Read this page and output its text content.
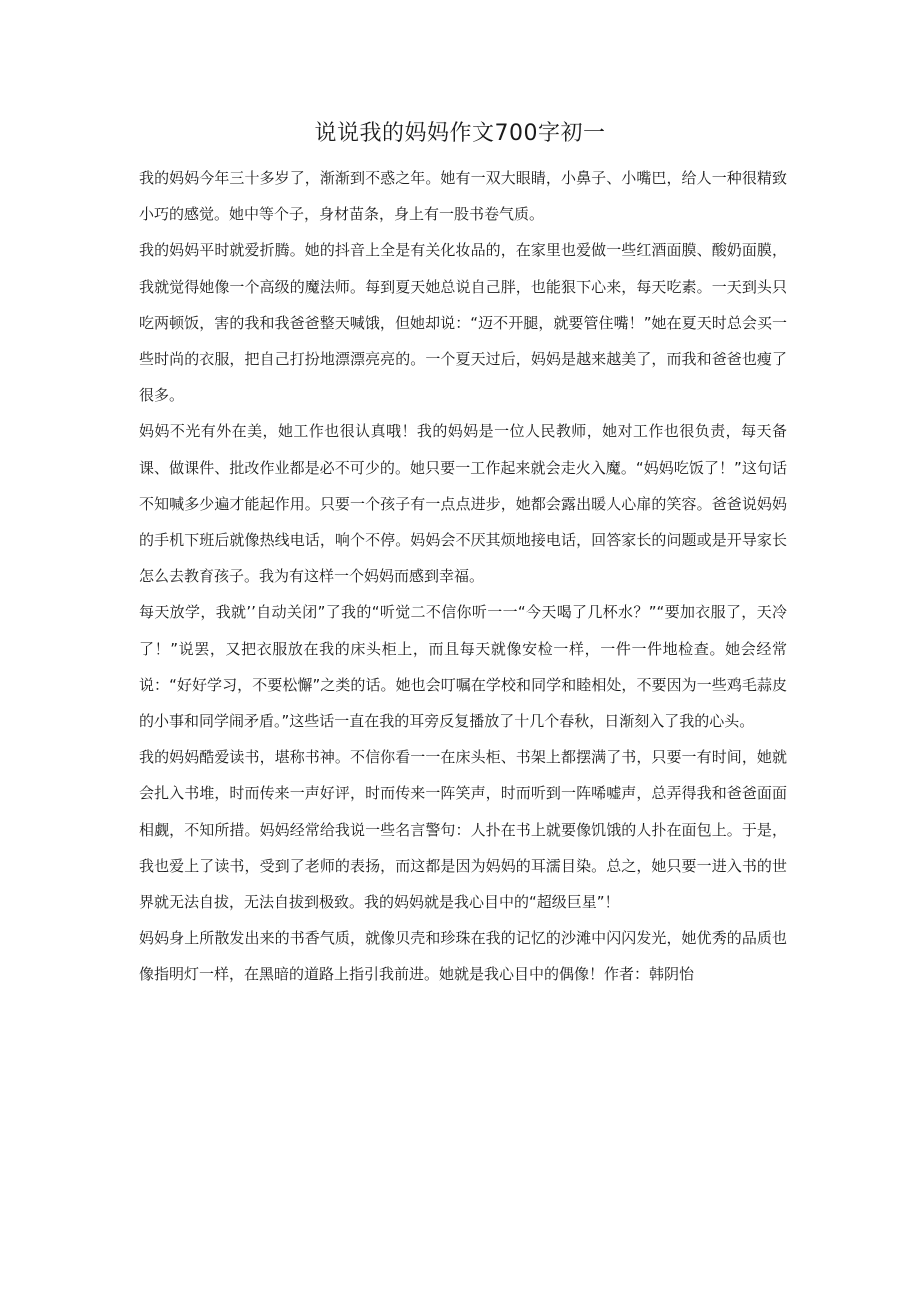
说说我的妈妈作文700字初一

我的妈妈今年三十多岁了，渐渐到不惑之年。她有一双大眼睛，小鼻子、小嘴巴，给人一种很精致小巧的感觉。她中等个子，身材苗条，身上有一股书卷气质。

我的妈妈平时就爱折腾。她的抖音上全是有关化妆品的，在家里也爱做一些红酒面膜、酸奶面膜，我就觉得她像一个高级的魔法师。每到夏天她总说自己胖，也能狠下心来，每天吃素。一天到头只吃两顿饭，害的我和我爸爸整天喊饿，但她却说：“迈不开腿，就要管住嘴！”她在夏天时总会买一些时尚的衣服，把自己打扮地漂漂亮亮的。一个夏天过后，妈妈是越来越美了，而我和爸爸也瘦了很多。

妈妈不光有外在美，她工作也很认真哦！我的妈妈是一位人民教师，她对工作也很负责，每天备课、做课件、批改作业都是必不可少的。她只要一工作起来就会走火入魔。“妈妈吃饭了！”这句话不知喊多少遍才能起作用。只要一个孩子有一点点进步，她都会露出暖人心扉的笑容。爸爸说妈妈的手机下班后就像热线电话，响个不停。妈妈会不厌其烦地接电话，回答家长的问题或是开导家长怎么去教育孩子。我为有这样一个妈妈而感到幸福。

每天放学，我就’’自动关闭”了我的“听觉二不信你听一一“今天喝了几杯水？”“要加衣服了，天冷了！”说罢，又把衣服放在我的床头柜上，而且每天就像安检一样，一件一件地检查。她会经常说：“好好学习，不要松懈”之类的话。她也会叮嘱在学校和同学和睦相处，不要因为一些鸡毛蒜皮的小事和同学闹矛盾。”这些话一直在我的耳旁反复播放了十几个春秋，日渐刻入了我的心头。

我的妈妈酷爱读书，堪称书神。不信你看一一在床头柜、书架上都摆满了书，只要一有时间，她就会扎入书堆，时而传来一声好评，时而传来一阵笑声，时而听到一阵唏嘘声，总弄得我和爸爸面面相觑，不知所措。妈妈经常给我说一些名言警句：人扑在书上就要像饥饿的人扑在面包上。于是，我也爱上了读书，受到了老师的表扬，而这都是因为妈妈的耳濡目染。总之，她只要一进入书的世界就无法自拔，无法自拔到极致。我的妈妈就是我心目中的“超级巨星”！

妈妈身上所散发出来的书香气质，就像贝壳和珍珠在我的记忆的沙滩中闪闪发光，她优秀的品质也像指明灯一样，在黑暗的道路上指引我前进。她就是我心目中的偶像！作者：韩阴怡
